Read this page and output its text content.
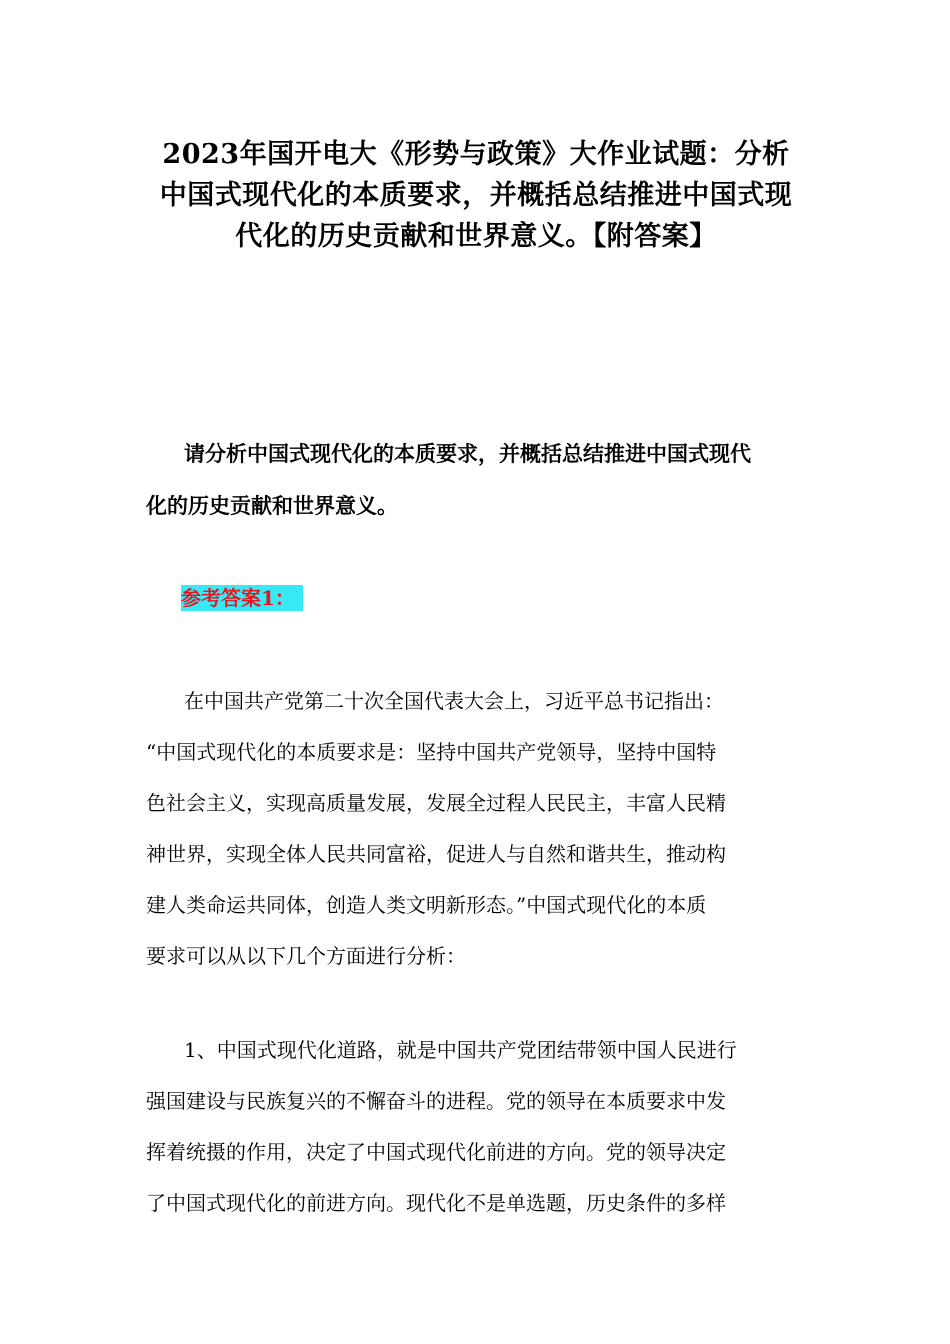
2023年国开电大《形势与政策》大作业试题：分析
中国式现代化的本质要求，并概括总结推进中国式现
代化的历史贡献和世界意义。【附答案】
请分析中国式现代化的本质要求，并概括总结推进中国式现代
化的历史贡献和世界意义。
参考答案1：
在中国共产党第二十次全国代表大会上，习近平总书记指出：
“中国式现代化的本质要求是：坚持中国共产党领导，坚持中国特
色社会主义，实现高质量发展，发展全过程人民民主，丰富人民精
神世界，实现全体人民共同富裕，促进人与自然和谐共生，推动构
建人类命运共同体，创造人类文明新形态。”中国式现代化的本质
要求可以从以下几个方面进行分析：
1、中国式现代化道路，就是中国共产党团结带领中国人民进行
强国建设与民族复兴的不懈奋斗的进程。党的领导在本质要求中发
挥着统摄的作用，决定了中国式现代化前进的方向。党的领导决定
了中国式现代化的前进方向。现代化不是单选题，历史条件的多样
